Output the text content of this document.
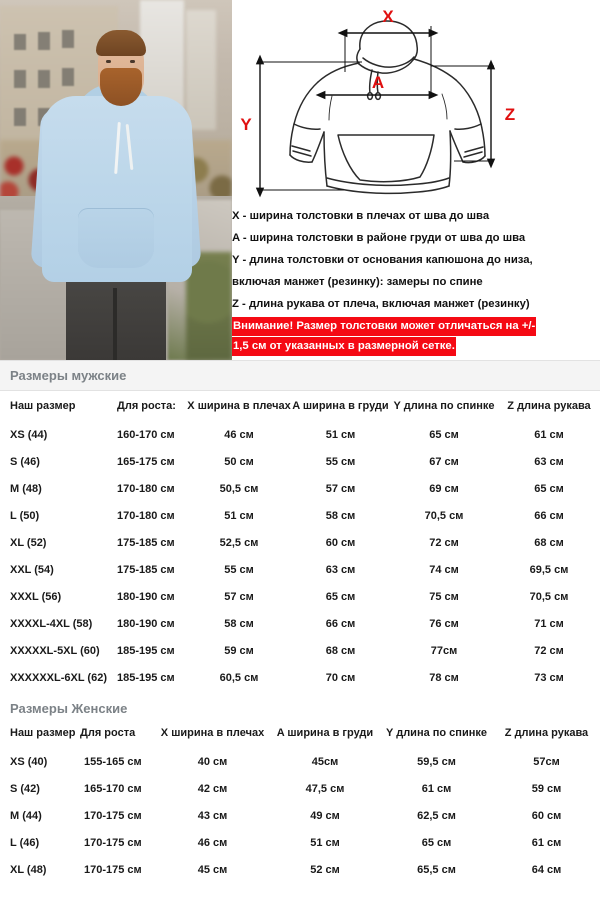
X
A
Y
Z
X - ширина толстовки в плечах от шва до шва
A - ширина толстовки в районе груди от шва до шва
Y - длина толстовки от основания капюшона до низа,
включая манжет (резинку): замеры по спине
Z - длина рукава от плеча, включая манжет (резинку)
Внимание! Размер толстовки может отличаться на +/-
1,5 см от указанных в размерной сетке.
Размеры мужские
Наш размер	Для роста:	X ширина в плечах	A ширина в груди	Y длина по спинке	Z длина рукава
XS (44)	160-170 см	46 см	51 см	65 см	61 см
S (46)	165-175 см	50 см	55 см	67 см	63 см
M (48)	170-180 см	50,5 см	57 см	69 см	65 см
L (50)	170-180 см	51 см	58 см	70,5 см	66 см
XL (52)	175-185 см	52,5 см	60 см	72 см	68 см
XXL (54)	175-185 см	55 см	63 см	74 см	69,5 см
XXXL (56)	180-190 см	57 см	65 см	75 см	70,5 см
XXXXL-4XL (58)	180-190 см	58 см	66 см	76 см	71 см
XXXXXL-5XL (60)	185-195 см	59 см	68 см	77см	72 см
XXXXXXL-6XL (62)	185-195 см	60,5 см	70 см	78 см	73 см
Размеры Женские
Наш размер	Для роста	X ширина в плечах	A ширина в груди	Y длина по спинке	Z длина рукава
XS (40)	155-165 см	40 см	45см	59,5 см	57см
S (42)	165-170 см	42 см	47,5 см	61 см	59 см
M (44)	170-175 см	43 см	49 см	62,5 см	60 см
L (46)	170-175 см	46 см	51 см	65 см	61 см
XL (48)	170-175 см	45 см	52 см	65,5 см	64 см
